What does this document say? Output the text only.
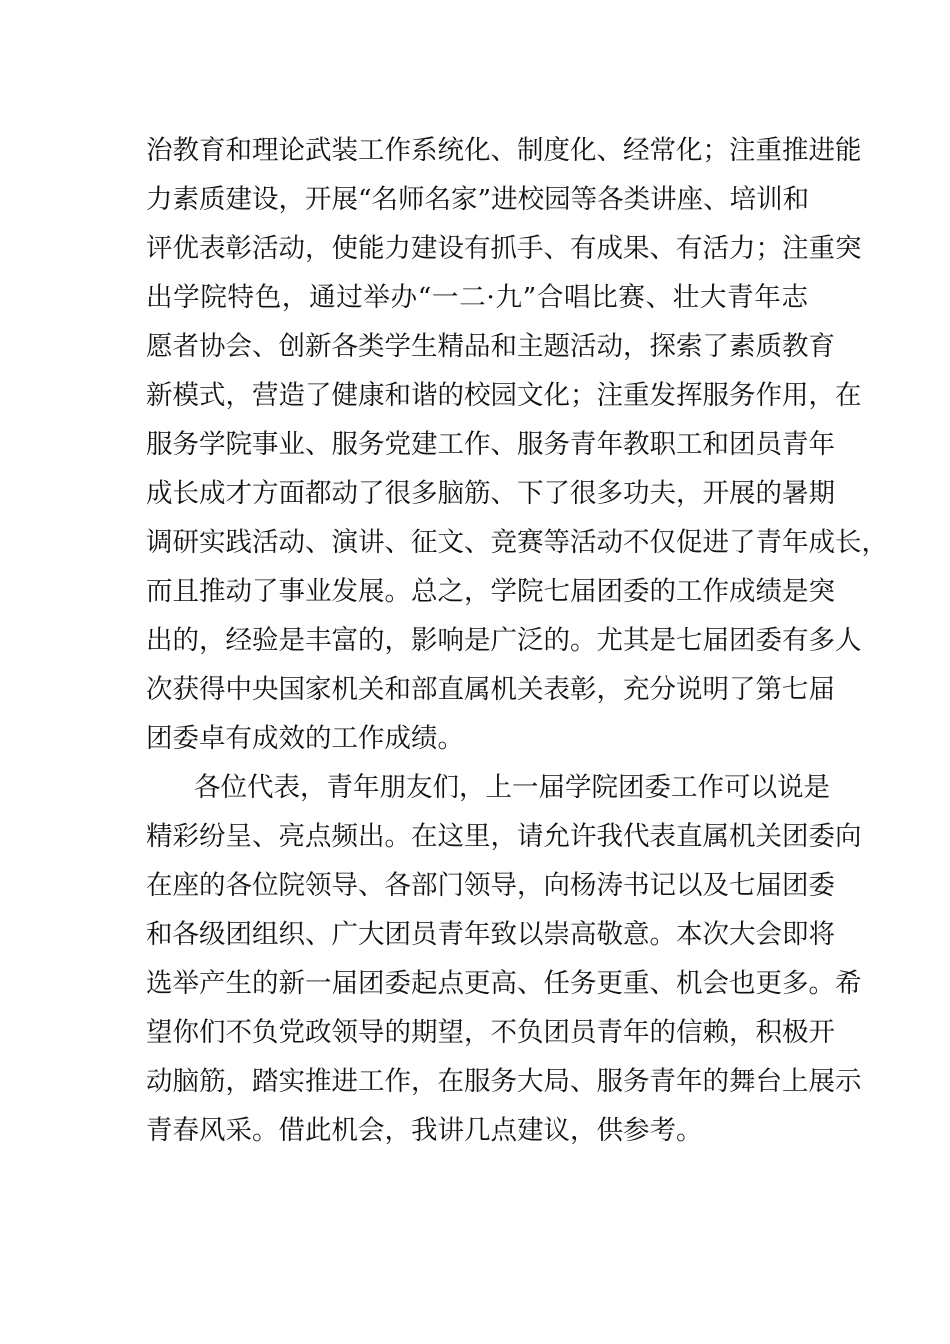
治教育和理论武装工作系统化、制度化、经常化；注重推进能
力素质建设，开展“名师名家”进校园等各类讲座、培训和
评优表彰活动，使能力建设有抓手、有成果、有活力；注重突
出学院特色，通过举办“一二·九”合唱比赛、壮大青年志
愿者协会、创新各类学生精品和主题活动，探索了素质教育
新模式，营造了健康和谐的校园文化；注重发挥服务作用，在
服务学院事业、服务党建工作、服务青年教职工和团员青年
成长成才方面都动了很多脑筋、下了很多功夫，开展的暑期
调研实践活动、演讲、征文、竞赛等活动不仅促进了青年成长，
而且推动了事业发展。总之，学院七届团委的工作成绩是突
出的，经验是丰富的，影响是广泛的。尤其是七届团委有多人
次获得中央国家机关和部直属机关表彰，充分说明了第七届
团委卓有成效的工作成绩。
各位代表，青年朋友们，上一届学院团委工作可以说是
精彩纷呈、亮点频出。在这里，请允许我代表直属机关团委向
在座的各位院领导、各部门领导，向杨涛书记以及七届团委
和各级团组织、广大团员青年致以崇高敬意。本次大会即将
选举产生的新一届团委起点更高、任务更重、机会也更多。希
望你们不负党政领导的期望，不负团员青年的信赖，积极开
动脑筋，踏实推进工作，在服务大局、服务青年的舞台上展示
青春风采。借此机会，我讲几点建议，供参考。
